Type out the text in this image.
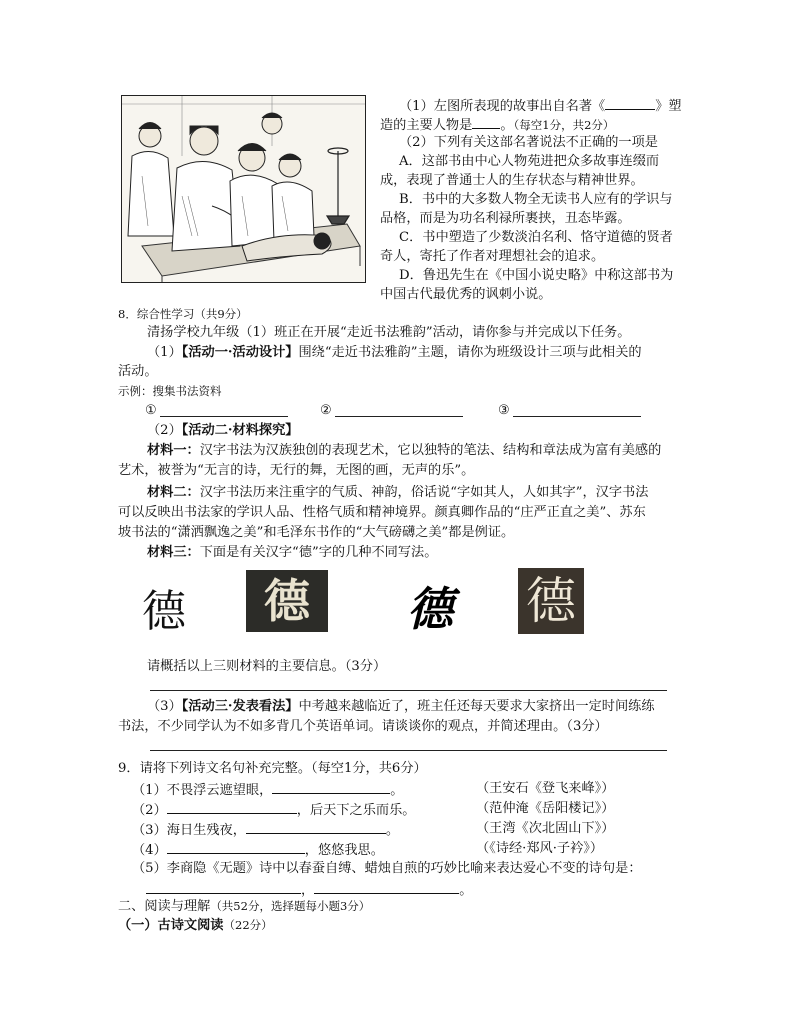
（1）左图所表现的故事出自名著《	》塑
造的主要人物是 。（每空1分，共2分）
（2）下列有关这部名著说法不正确的一项是
A．这部书由中心人物苑进把众多故事连缀而
成，表现了普通士人的生存状态与精神世界。
B．书中的大多数人物全无读书人应有的学识与
品格，而是为功名利禄所裹挟，丑态毕露。
C．书中塑造了少数淡泊名利、恪守道德的贤者
奇人，寄托了作者对理想社会的追求。
D．鲁迅先生在《中国小说史略》中称这部书为
中国古代最优秀的讽刺小说。
8．综合性学习（共9分）
清扬学校九年级（1）班正在开展“走近书法雅韵”活动，请你参与并完成以下任务。
（1）【活动一·活动设计】围绕“走近书法雅韵”主题，请你为班级设计三项与此相关的
活动。
示例：搜集书法资料
①	②	③
（2）【活动二·材料探究】
材料一：汉字书法为汉族独创的表现艺术，它以独特的笔法、结构和章法成为富有美感的
艺术，被誉为“无言的诗，无行的舞，无图的画，无声的乐”。
材料二：汉字书法历来注重字的气质、神韵，俗话说“字如其人，人如其字”，汉字书法
可以反映出书法家的学识人品、性格气质和精神境界。颜真卿作品的“庄严正直之美”、苏东
坡书法的“潇洒飘逸之美”和毛泽东书作的“大气磅礴之美”都是例证。
材料三：下面是有关汉字“德”字的几种不同写法。
德	德	德 德
请概括以上三则材料的主要信息。（3分）
（3）【活动三·发表看法】中考越来越临近了，班主任还每天要求大家挤出一定时间练练
书法，不少同学认为不如多背几个英语单词。请谈谈你的观点，并简述理由。（3分）
9．请将下列诗文名句补充完整。（每空1分，共6分）
（1）不畏浮云遮望眼，	。	（王安石《登飞来峰》）
（2）	，后天下之乐而乐。	（范仲淹《岳阳楼记》）
（3）海日生残夜，	。	（王湾《次北固山下》）
（4）	，悠悠我思。	（《诗经·郑风·子衿》）
（5）李商隐《无题》诗中以春蚕自缚、蜡烛自煎的巧妙比喻来表达爱心不变的诗句是：
，	。
二、阅读与理解（共52分，选择题每小题3分）
（一）古诗文阅读（22分）
